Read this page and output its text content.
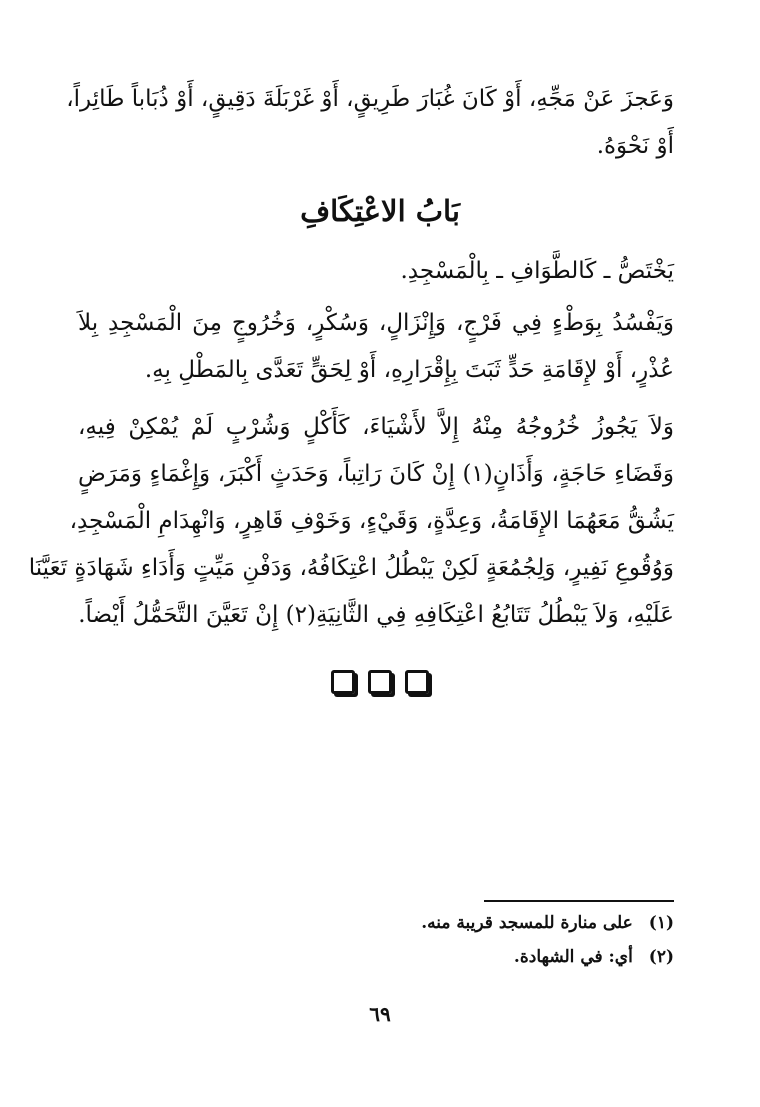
وَعَجزَ عَنْ مَجِّهِ، أَوْ كَانَ غُبَارَ طَرِيقٍ، أَوْ غَرْبَلَةَ دَقِيقٍ، أَوْ ذُبَاباً طَائِراً،
أَوْ نَحْوَهُ.
بَابُ الاعْتِكَافِ
يَخْتَصُّ ـ كَالطَّوَافِ ـ بِالْمَسْجِدِ.
وَيَفْسُدُ بِوَطْءٍ فِي فَرْجٍ، وَإِنْزَالٍ، وَسُكْرٍ، وَخُرُوجٍ مِنَ الْمَسْجِدِ بِلاَ
عُذْرٍ، أَوْ لإِقَامَةِ حَدٍّ ثَبَتَ بِإِقْرَارِهِ، أَوْ لِحَقٍّ تَعَدَّى بِالمَطْلِ بِهِ.
وَلاَ يَجُوزُ خُرُوجُهُ مِنْهُ إِلاَّ لأَشْيَاءَ، كَأَكْلٍ وَشُرْبٍ لَمْ يُمْكِنْ فِيهِ،
وَقَضَاءِ حَاجَةٍ، وَأَذَانٍ(١) إِنْ كَانَ رَاتِباً، وَحَدَثٍ أَكْبَرَ، وَإِغْمَاءٍ وَمَرَضٍ
يَشُقُّ مَعَهُمَا الإِقَامَةُ، وَعِدَّةٍ، وَقَيْءٍ، وَخَوْفِ قَاهِرٍ، وَانْهِدَامِ الْمَسْجِدِ،
وَوُقُوعِ نَفِيرٍ، وَلِجُمُعَةٍ لَكِنْ يَبْطُلُ اعْتِكَافُهُ، وَدَفْنِ مَيِّتٍ وَأَدَاءِ شَهَادَةٍ تَعَيَّنَا
عَلَيْهِ، وَلاَ يَبْطُلُ تَتَابُعُ اعْتِكَافِهِ فِي الثَّانِيَةِ(٢) إِنْ تَعَيَّنَ التَّحَمُّلُ أَيْضاً.

(١) على منارة للمسجد قريبة منه.
(٢) أي: في الشهادة.
٦٩
